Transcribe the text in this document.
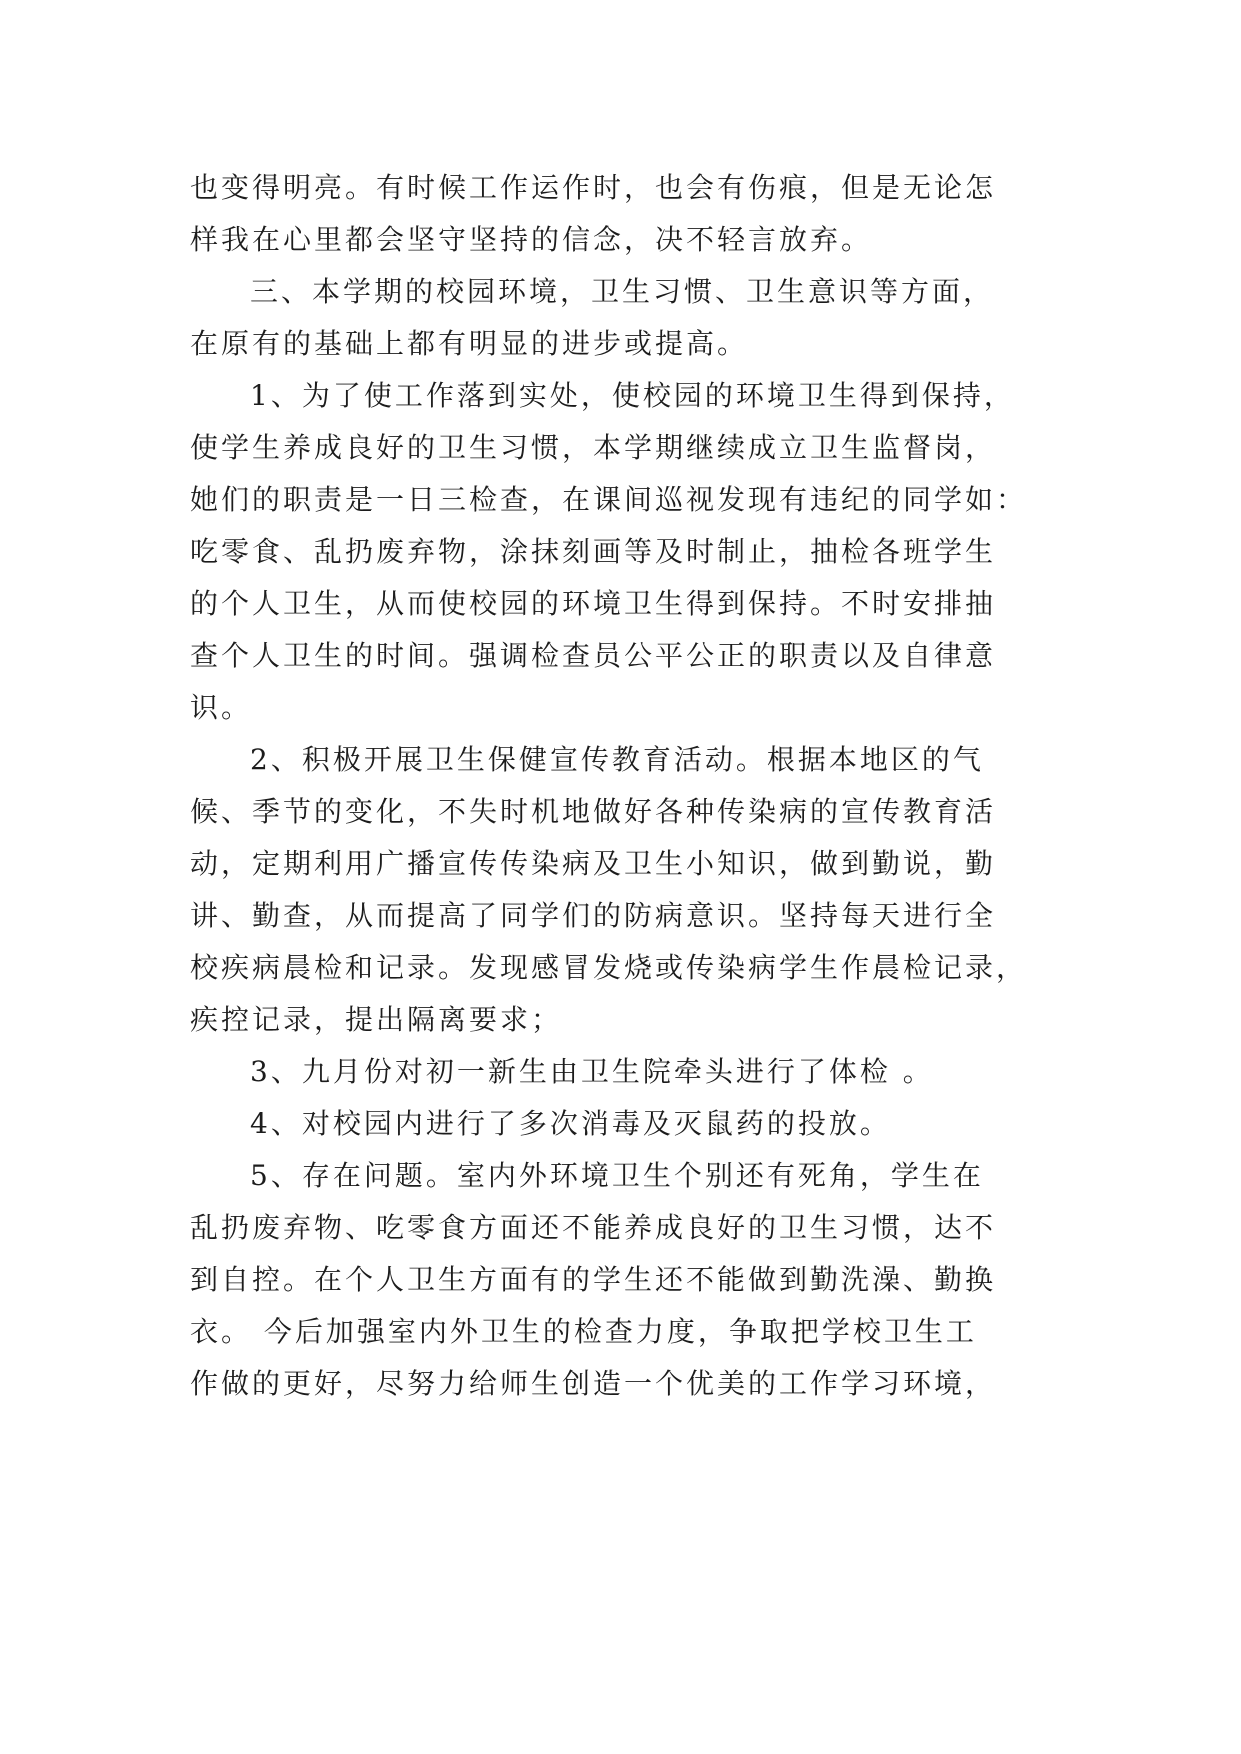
也变得明亮。有时候工作运作时，也会有伤痕，但是无论怎
样我在心里都会坚守坚持的信念，决不轻言放弃。
三、本学期的校园环境，卫生习惯、卫生意识等方面，
在原有的基础上都有明显的进步或提高。
1、为了使工作落到实处，使校园的环境卫生得到保持，
使学生养成良好的卫生习惯，本学期继续成立卫生监督岗，
她们的职责是一日三检查，在课间巡视发现有违纪的同学如：
吃零食、乱扔废弃物，涂抹刻画等及时制止，抽检各班学生
的个人卫生，从而使校园的环境卫生得到保持。不时安排抽
查个人卫生的时间。强调检查员公平公正的职责以及自律意
识。
2、积极开展卫生保健宣传教育活动。根据本地区的气
候、季节的变化，不失时机地做好各种传染病的宣传教育活
动，定期利用广播宣传传染病及卫生小知识，做到勤说，勤
讲、勤查，从而提高了同学们的防病意识。坚持每天进行全
校疾病晨检和记录。发现感冒发烧或传染病学生作晨检记录，
疾控记录，提出隔离要求；
3、九月份对初一新生由卫生院牵头进行了体检 。
4、对校园内进行了多次消毒及灭鼠药的投放。
5、存在问题。室内外环境卫生个别还有死角，学生在
乱扔废弃物、吃零食方面还不能养成良好的卫生习惯，达不
到自控。在个人卫生方面有的学生还不能做到勤洗澡、勤换
衣。 今后加强室内外卫生的检查力度，争取把学校卫生工
作做的更好，尽努力给师生创造一个优美的工作学习环境，
